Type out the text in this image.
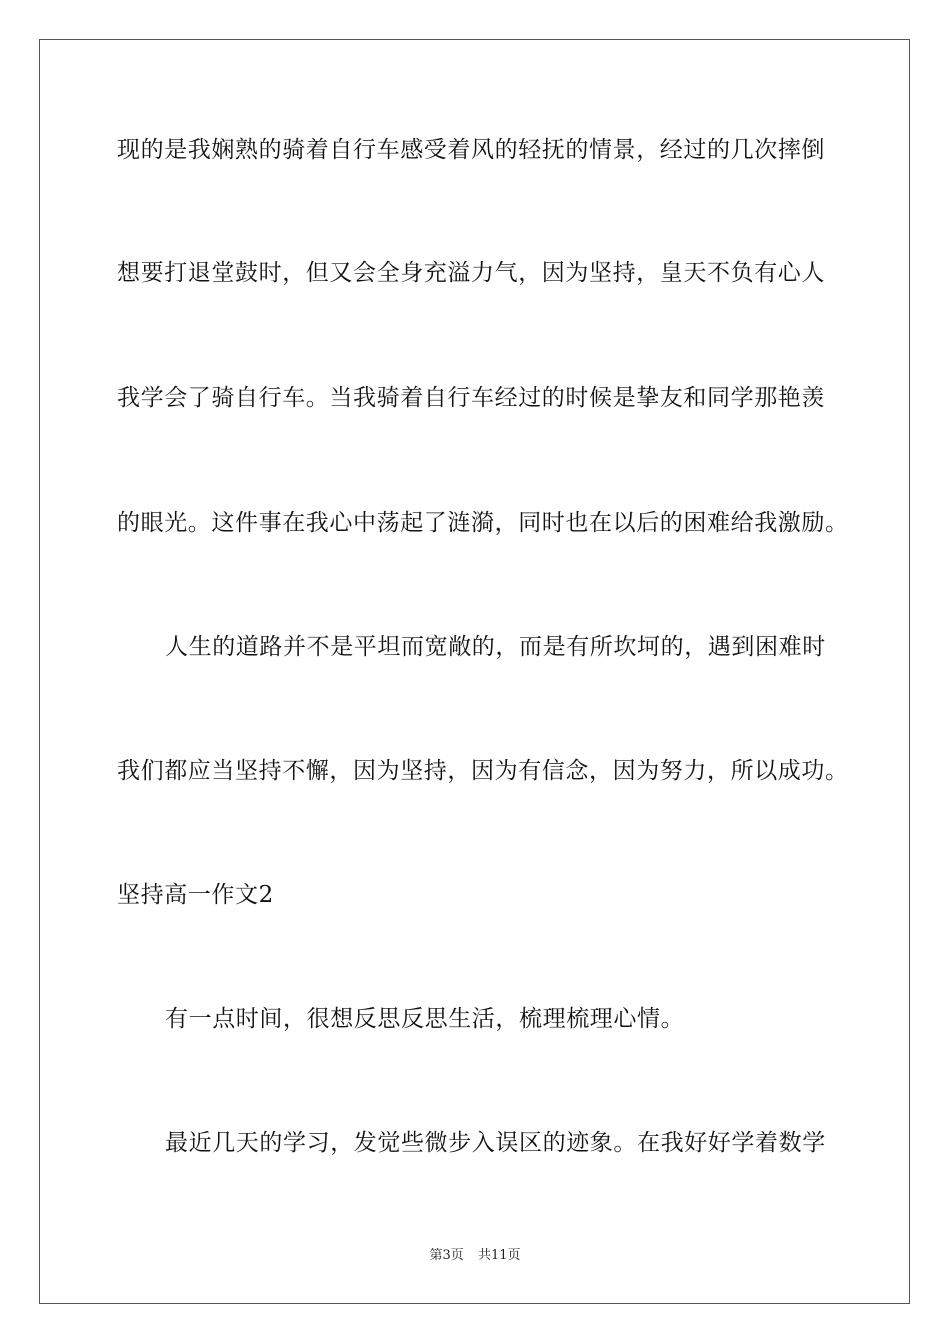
现的是我娴熟的骑着自行车感受着风的轻抚的情景，经过的几次摔倒
想要打退堂鼓时，但又会全身充溢力气，因为坚持，皇天不负有心人
我学会了骑自行车。当我骑着自行车经过的时候是挚友和同学那艳羡
的眼光。这件事在我心中荡起了涟漪，同时也在以后的困难给我激励。
人生的道路并不是平坦而宽敞的，而是有所坎坷的，遇到困难时
我们都应当坚持不懈，因为坚持，因为有信念，因为努力，所以成功。
坚持高一作文2
有一点时间，很想反思反思生活，梳理梳理心情。
最近几天的学习，发觉些微步入误区的迹象。在我好好学着数学
第3页 共11页
